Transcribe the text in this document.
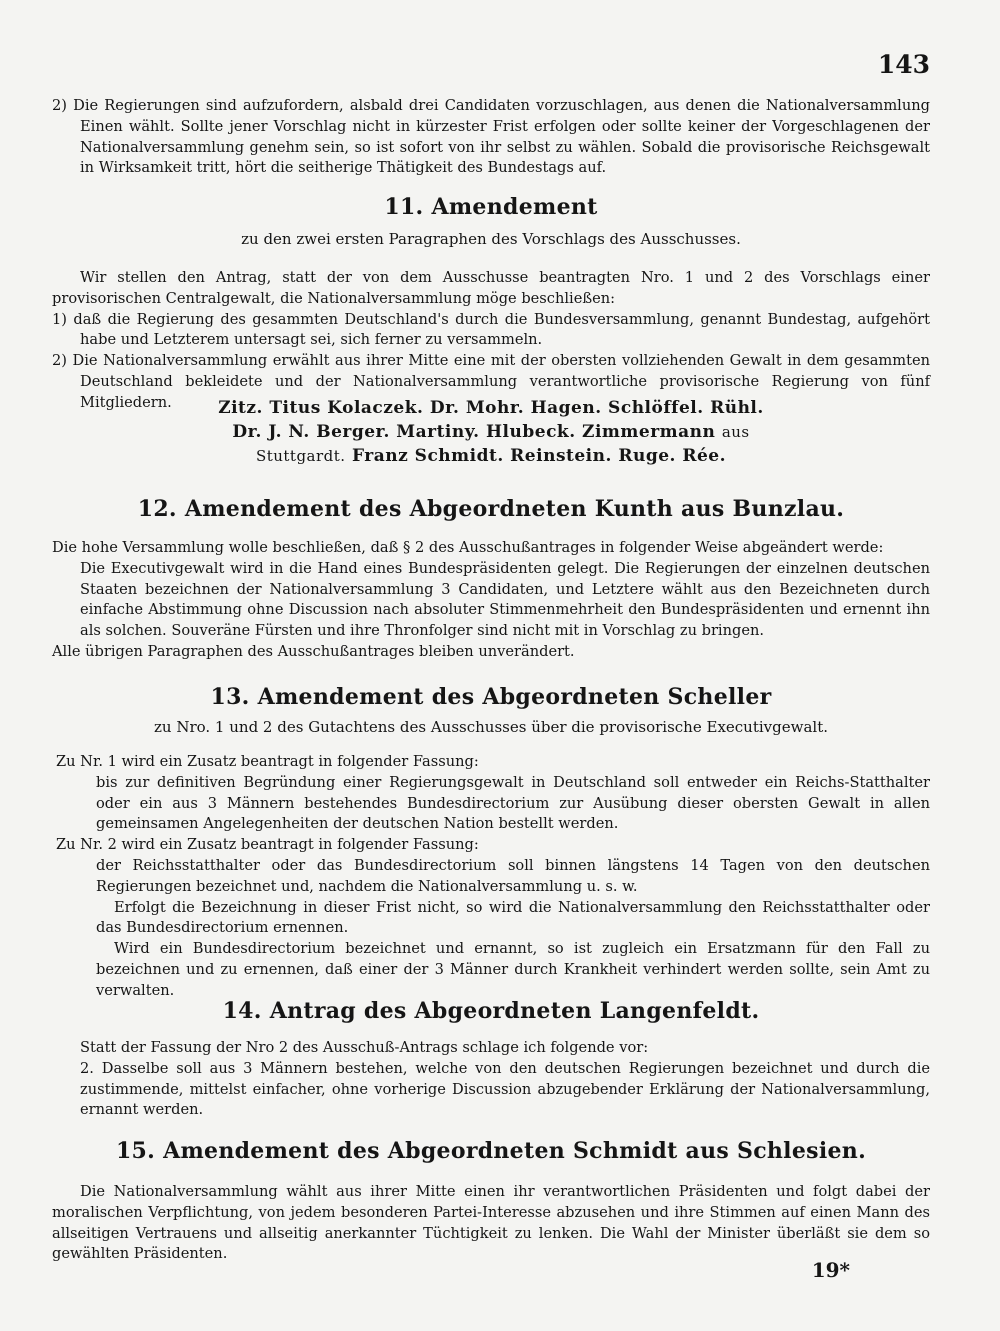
143

2) Die Regierungen sind aufzufordern, alsbald drei Candidaten vorzuschlagen, aus denen die Nationalversammlung Einen wählt. Sollte jener Vorschlag nicht in kürzester Frist erfolgen oder sollte keiner der Vorgeschlagenen der Nationalversammlung genehm sein, so ist sofort von ihr selbst zu wählen. Sobald die provisorische Reichsgewalt in Wirksamkeit tritt, hört die seitherige Thätigkeit des Bundestags auf.

11. Amendement
zu den zwei ersten Paragraphen des Vorschlags des Ausschusses.

Wir stellen den Antrag, statt der von dem Ausschusse beantragten Nro. 1 und 2 des Vorschlags einer provisorischen Centralgewalt, die Nationalversammlung möge beschließen:

1) daß die Regierung des gesammten Deutschland's durch die Bundesversammlung, genannt Bundestag, aufgehört habe und Letzterem untersagt sei, sich ferner zu versammeln.

2) Die Nationalversammlung erwählt aus ihrer Mitte eine mit der obersten vollziehenden Gewalt in dem gesammten Deutschland bekleidete und der Nationalversammlung verantwortliche provisorische Regierung von fünf Mitgliedern.	Zitz. Titus Kolaczek. Dr. Mohr. Hagen. Schlöffel. Rühl.
Dr. J. N. Berger. Martiny. Hlubeck. Zimmermann aus
Stuttgardt. Franz Schmidt. Reinstein. Ruge. Rée.
12. Amendement des Abgeordneten Kunth aus Bunzlau.

Die hohe Versammlung wolle beschließen, daß § 2 des Ausschußantrages in folgender Weise abgeändert werde:

Die Executivgewalt wird in die Hand eines Bundespräsidenten gelegt. Die Regierungen der einzelnen deutschen Staaten bezeichnen der Nationalversammlung 3 Candidaten, und Letztere wählt aus den Bezeichneten durch einfache Abstimmung ohne Discussion nach absoluter Stimmenmehrheit den Bundespräsidenten und ernennt ihn als solchen. Souveräne Fürsten und ihre Thronfolger sind nicht mit in Vorschlag zu bringen.

Alle übrigen Paragraphen des Ausschußantrages bleiben unverändert.

13. Amendement des Abgeordneten Scheller
zu Nro. 1 und 2 des Gutachtens des Ausschusses über die provisorische Executivgewalt.

Zu Nr. 1 wird ein Zusatz beantragt in folgender Fassung:

bis zur definitiven Begründung einer Regierungsgewalt in Deutschland soll entweder ein Reichs-Statthalter oder ein aus 3 Männern bestehendes Bundesdirectorium zur Ausübung dieser obersten Gewalt in allen gemeinsamen Angelegenheiten der deutschen Nation bestellt werden.

Zu Nr. 2 wird ein Zusatz beantragt in folgender Fassung:

der Reichsstatthalter oder das Bundesdirectorium soll binnen längstens 14 Tagen von den deutschen Regierungen bezeichnet und, nachdem die Nationalversammlung u. s. w.

Erfolgt die Bezeichnung in dieser Frist nicht, so wird die Nationalversammlung den Reichsstatthalter oder das Bundesdirectorium ernennen.

Wird ein Bundesdirectorium bezeichnet und ernannt, so ist zugleich ein Ersatzmann für den Fall zu bezeichnen und zu ernennen, daß einer der 3 Männer durch Krankheit verhindert werden sollte, sein Amt zu verwalten.

14. Antrag des Abgeordneten Langenfeldt.

Statt der Fassung der Nro 2 des Ausschuß-Antrags schlage ich folgende vor:

2. Dasselbe soll aus 3 Männern bestehen, welche von den deutschen Regierungen bezeichnet und durch die zustimmende, mittelst einfacher, ohne vorherige Discussion abzugebender Erklärung der Nationalversammlung, ernannt werden.

15. Amendement des Abgeordneten Schmidt aus Schlesien.

Die Nationalversammlung wählt aus ihrer Mitte einen ihr verantwortlichen Präsidenten und folgt dabei der moralischen Verpflichtung, von jedem besonderen Partei-Interesse abzusehen und ihre Stimmen auf einen Mann des allseitigen Vertrauens und allseitig anerkannter Tüchtigkeit zu lenken. Die Wahl der Minister überläßt sie dem so gewählten Präsidenten.

19*
